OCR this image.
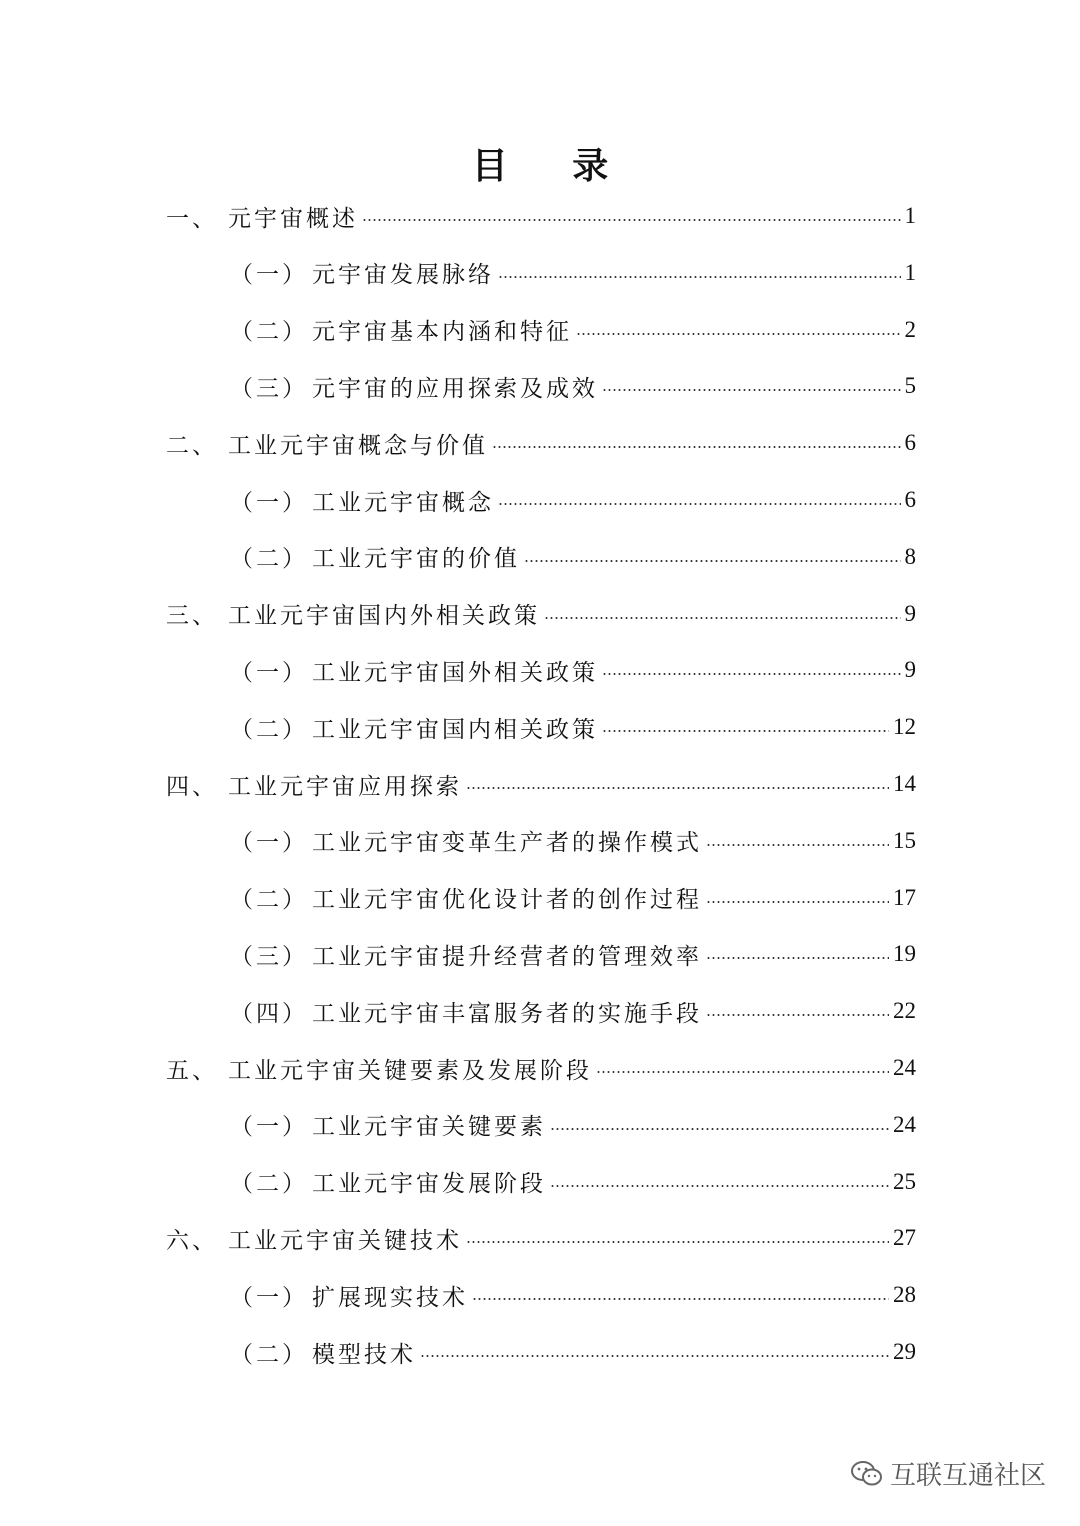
目 录
一、 元宇宙概述	1
（一） 元宇宙发展脉络	1
（二） 元宇宙基本内涵和特征	2
（三） 元宇宙的应用探索及成效	5
二、 工业元宇宙概念与价值	6
（一） 工业元宇宙概念	6
（二） 工业元宇宙的价值	8
三、 工业元宇宙国内外相关政策	9
（一） 工业元宇宙国外相关政策	9
（二） 工业元宇宙国内相关政策	12
四、 工业元宇宙应用探索	14
（一） 工业元宇宙变革生产者的操作模式	15
（二） 工业元宇宙优化设计者的创作过程	17
（三） 工业元宇宙提升经营者的管理效率	19
（四） 工业元宇宙丰富服务者的实施手段	22
五、 工业元宇宙关键要素及发展阶段	24
（一） 工业元宇宙关键要素	24
（二） 工业元宇宙发展阶段	25
六、 工业元宇宙关键技术	27
（一） 扩展现实技术	28
（二） 模型技术	29
互联互通社区
